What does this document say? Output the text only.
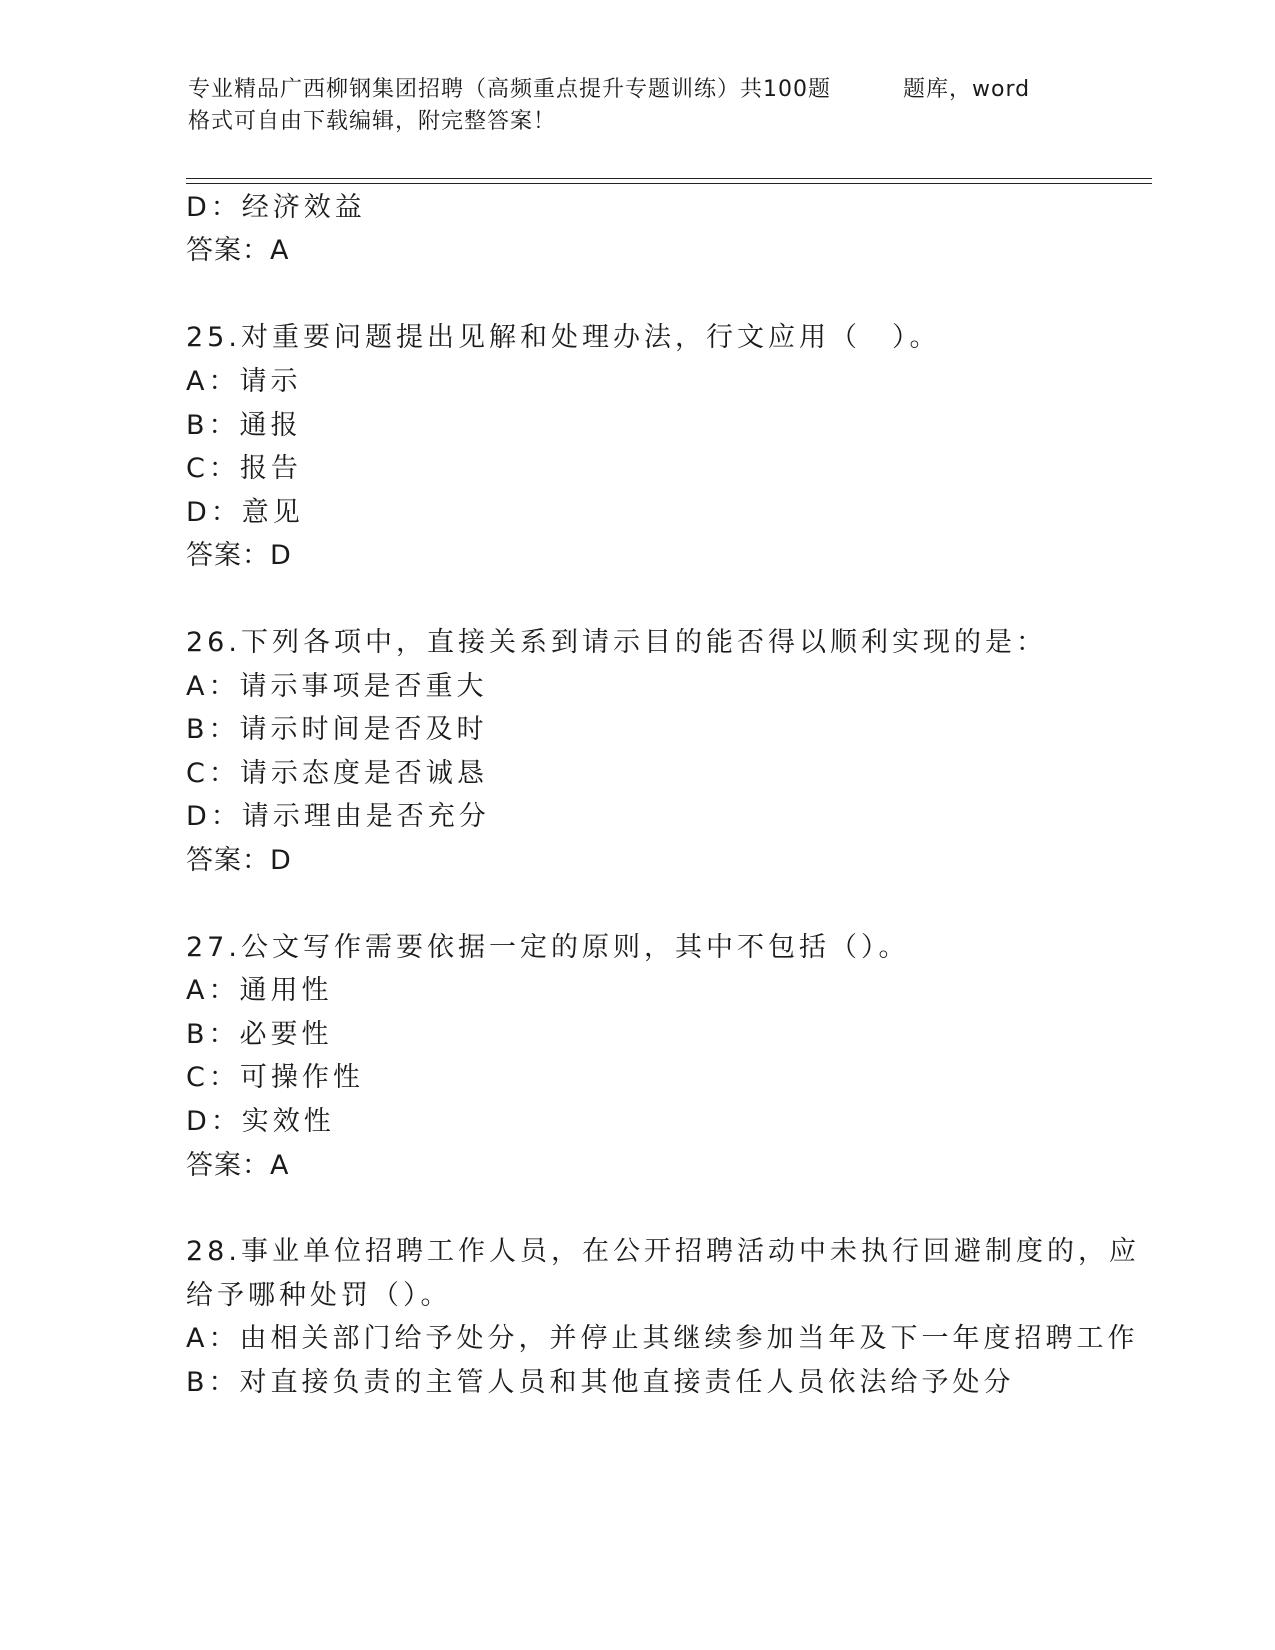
专业精品广西柳钢集团招聘（高频重点提升专题训练）共100题	题库，word
格式可自由下载编辑，附完整答案！
D：经济效益
答案：A
25.对重要问题提出见解和处理办法，行文应用（　）。
A：请示
B：通报
C：报告
D：意见
答案：D
26.下列各项中，直接关系到请示目的能否得以顺利实现的是：
A：请示事项是否重大
B：请示时间是否及时
C：请示态度是否诚恳
D：请示理由是否充分
答案：D
27.公文写作需要依据一定的原则，其中不包括（）。
A：通用性
B：必要性
C：可操作性
D：实效性
答案：A
28.事业单位招聘工作人员，在公开招聘活动中未执行回避制度的，应
给予哪种处罚（）。
A：由相关部门给予处分，并停止其继续参加当年及下一年度招聘工作
B：对直接负责的主管人员和其他直接责任人员依法给予处分
